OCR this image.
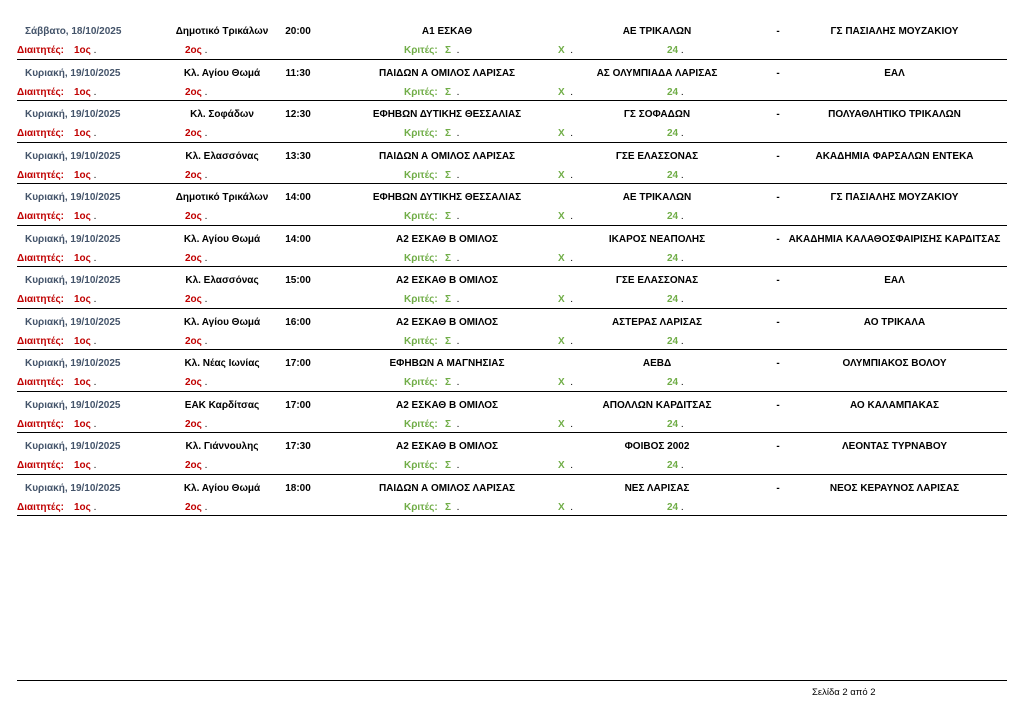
Σάββατο, 18/10/2025	Δημοτικό Τρικάλων	20:00	Α1 ΕΣΚΑΘ	ΑΕ ΤΡΙΚΑΛΩΝ	-	ΓΣ ΠΑΣΙΑΛΗΣ ΜΟΥΖΑΚΙΟΥ
Διαιτητές: 1ος .	2ος .	Κριτές: Σ .	Χ .	24 .
Κυριακή, 19/10/2025	Κλ. Αγίου Θωμά	11:30	ΠΑΙΔΩΝ Α ΟΜΙΛΟΣ ΛΑΡΙΣΑΣ	ΑΣ ΟΛΥΜΠΙΑΔΑ ΛΑΡΙΣΑΣ	-	ΕΑΛ
Διαιτητές: 1ος .	2ος .	Κριτές: Σ .	Χ .	24 .
Κυριακή, 19/10/2025	Κλ. Σοφάδων	12:30	ΕΦΗΒΩΝ ΔΥΤΙΚΗΣ ΘΕΣΣΑΛΙΑΣ	ΓΣ ΣΟΦΑΔΩΝ	-	ΠΟΛΥΑΘΛΗΤΙΚΟ ΤΡΙΚΑΛΩΝ
Διαιτητές: 1ος .	2ος .	Κριτές: Σ .	Χ .	24 .
Κυριακή, 19/10/2025	Κλ. Ελασσόνας	13:30	ΠΑΙΔΩΝ Α ΟΜΙΛΟΣ ΛΑΡΙΣΑΣ	ΓΣΕ ΕΛΑΣΣΟΝΑΣ	-	ΑΚΑΔΗΜΙΑ ΦΑΡΣΑΛΩΝ ΕΝΤΕΚΑ
Διαιτητές: 1ος .	2ος .	Κριτές: Σ .	Χ .	24 .
Κυριακή, 19/10/2025	Δημοτικό Τρικάλων	14:00	ΕΦΗΒΩΝ ΔΥΤΙΚΗΣ ΘΕΣΣΑΛΙΑΣ	ΑΕ ΤΡΙΚΑΛΩΝ	-	ΓΣ ΠΑΣΙΑΛΗΣ ΜΟΥΖΑΚΙΟΥ
Διαιτητές: 1ος .	2ος .	Κριτές: Σ .	Χ .	24 .
Κυριακή, 19/10/2025	Κλ. Αγίου Θωμά	14:00	Α2 ΕΣΚΑΘ Β ΟΜΙΛΟΣ	ΙΚΑΡΟΣ ΝΕΑΠΟΛΗΣ	- ΑΚΑΔΗΜΙΑ ΚΑΛΑΘΟΣΦΑΙΡΙΣΗΣ ΚΑΡΔΙΤΣΑΣ
Διαιτητές: 1ος .	2ος .	Κριτές: Σ .	Χ .	24 .
Κυριακή, 19/10/2025	Κλ. Ελασσόνας	15:00	Α2 ΕΣΚΑΘ Β ΟΜΙΛΟΣ	ΓΣΕ ΕΛΑΣΣΟΝΑΣ	-	ΕΑΛ
Διαιτητές: 1ος .	2ος .	Κριτές: Σ .	Χ .	24 .
Κυριακή, 19/10/2025	Κλ. Αγίου Θωμά	16:00	Α2 ΕΣΚΑΘ Β ΟΜΙΛΟΣ	ΑΣΤΕΡΑΣ ΛΑΡΙΣΑΣ	-	ΑΟ ΤΡΙΚΑΛΑ
Διαιτητές: 1ος .	2ος .	Κριτές: Σ .	Χ .	24 .
Κυριακή, 19/10/2025	Κλ. Νέας Ιωνίας	17:00	ΕΦΗΒΩΝ Α ΜΑΓΝΗΣΙΑΣ	ΑΕΒΔ	-	ΟΛΥΜΠΙΑΚΟΣ ΒΟΛΟΥ
Διαιτητές: 1ος .	2ος .	Κριτές: Σ .	Χ .	24 .
Κυριακή, 19/10/2025	ΕΑΚ Καρδίτσας	17:00	Α2 ΕΣΚΑΘ Β ΟΜΙΛΟΣ	ΑΠΟΛΛΩΝ ΚΑΡΔΙΤΣΑΣ	-	ΑΟ ΚΑΛΑΜΠΑΚΑΣ
Διαιτητές: 1ος .	2ος .	Κριτές: Σ .	Χ .	24 .
Κυριακή, 19/10/2025	Κλ. Γιάννουλης	17:30	Α2 ΕΣΚΑΘ Β ΟΜΙΛΟΣ	ΦΟΙΒΟΣ 2002	-	ΛΕΟΝΤΑΣ ΤΥΡΝΑΒΟΥ
Διαιτητές: 1ος .	2ος .	Κριτές: Σ .	Χ .	24 .
Κυριακή, 19/10/2025	Κλ. Αγίου Θωμά	18:00	ΠΑΙΔΩΝ Α ΟΜΙΛΟΣ ΛΑΡΙΣΑΣ	ΝΕΣ ΛΑΡΙΣΑΣ	-	ΝΕΟΣ ΚΕΡΑΥΝΟΣ ΛΑΡΙΣΑΣ
Διαιτητές: 1ος .	2ος .	Κριτές: Σ .	Χ .	24 .
Σελίδα 2 από 2
